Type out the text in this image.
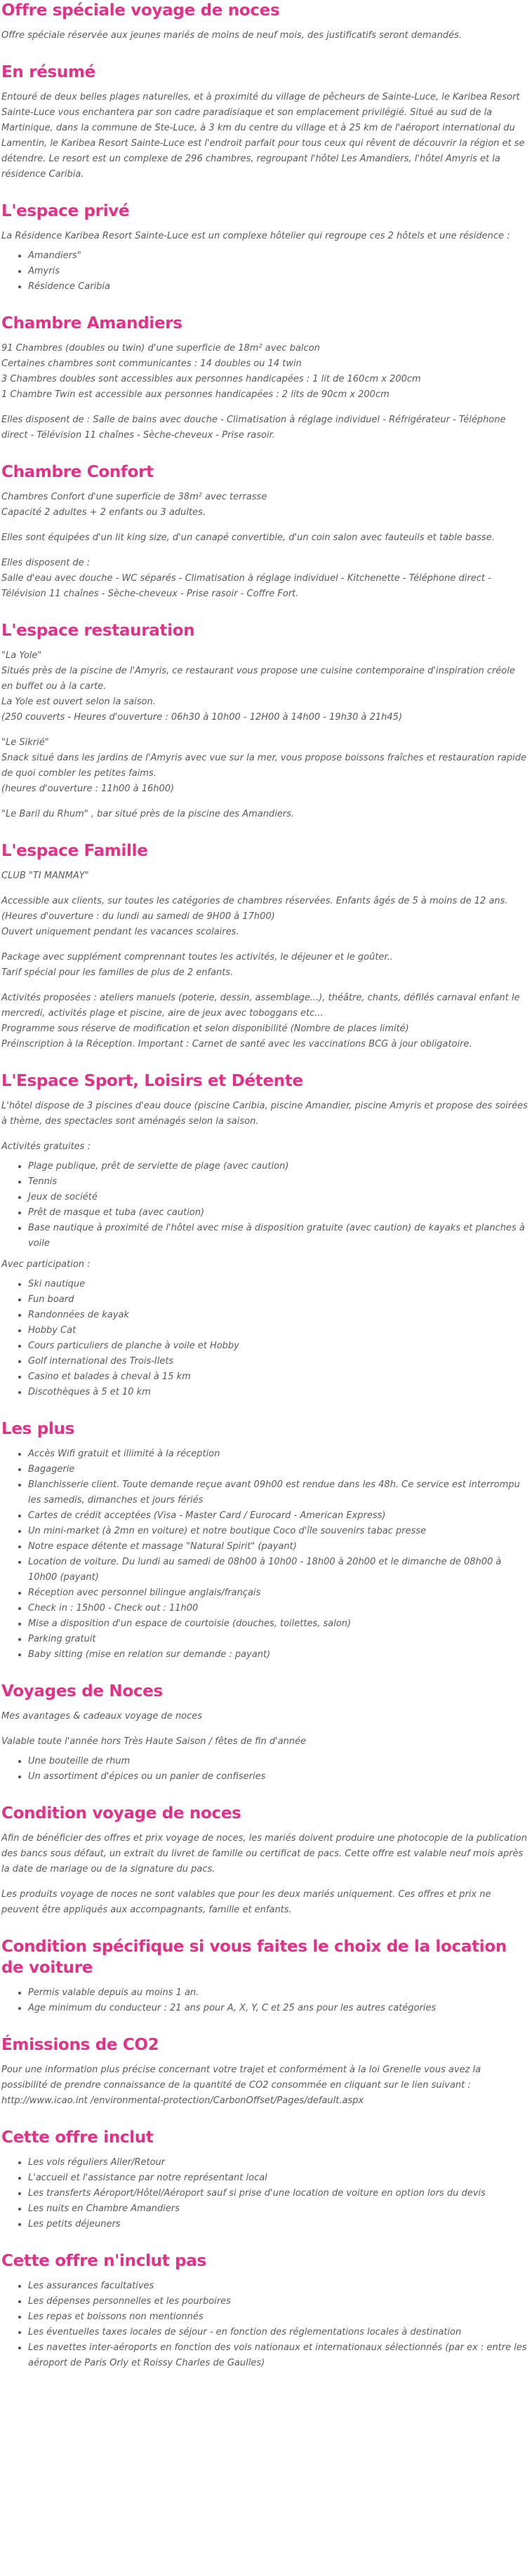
Offre spéciale voyage de noces

Offre spéciale réservée aux jeunes mariés de moins de neuf mois, des justificatifs seront demandés.

En résumé

Entouré de deux belles plages naturelles, et à proximité du village de pêcheurs de Sainte-Luce, le Karibea Resort Sainte-Luce vous enchantera par son cadre paradisiaque et son emplacement privilégié. Situé au sud de la Martinique, dans la commune de Ste-Luce, à 3 km du centre du village et à 25 km de l'aéroport international du Lamentin, le Karibea Resort Sainte-Luce est l'endroit parfait pour tous ceux qui rêvent de découvrir la région et se détendre. Le resort est un complexe de 296 chambres, regroupant l'hôtel Les Amandiers, l'hôtel Amyris et la résidence Caribia.

L'espace privé

La Résidence Karibea Resort Sainte-Luce est un complexe hôtelier qui regroupe ces 2 hôtels et une résidence :

• Amandiers"
• Amyris
• Résidence Caribia
Chambre Amandiers

91 Chambres (doubles ou twin) d'une superficie de 18m² avec balcon
Certaines chambres sont communicantes : 14 doubles ou 14 twin
3 Chambres doubles sont accessibles aux personnes handicapées : 1 lit de 160cm x 200cm
1 Chambre Twin est accessible aux personnes handicapées : 2 lits de 90cm x 200cm

Elles disposent de : Salle de bains avec douche - Climatisation à réglage individuel - Réfrigérateur - Téléphone direct - Télévision 11 chaînes - Sèche-cheveux - Prise rasoir.

Chambre Confort

Chambres Confort d'une superficie de 38m² avec terrasse
Capacité 2 adultes + 2 enfants ou 3 adultes.

Elles sont équipées d'un lit king size, d'un canapé convertible, d'un coin salon avec fauteuils et table basse.

Elles disposent de :
Salle d'eau avec douche - WC séparés - Climatisation à réglage individuel - Kitchenette - Téléphone direct - Télévision 11 chaînes - Sèche-cheveux - Prise rasoir - Coffre Fort.

L'espace restauration

"La Yole"
Situés près de la piscine de l'Amyris, ce restaurant vous propose une cuisine contemporaine d'inspiration créole en buffet ou à la carte.
La Yole est ouvert selon la saison.
(250 couverts - Heures d'ouverture : 06h30 à 10h00 - 12H00 à 14h00 - 19h30 à 21h45)

"Le Sikrié"
Snack situé dans les jardins de l'Amyris avec vue sur la mer, vous propose boissons fraîches et restauration rapide de quoi combler les petites faims.
(heures d'ouverture : 11h00 à 16h00)

"Le Baril du Rhum" , bar situé près de la piscine des Amandiers.

L'espace Famille

CLUB "TI MANMAY"

Accessible aux clients, sur toutes les catégories de chambres réservées. Enfants âgés de 5 à moins de 12 ans.
(Heures d'ouverture : du lundi au samedi de 9H00 à 17h00)
Ouvert uniquement pendant les vacances scolaires.

Package avec supplément comprennant toutes les activités, le déjeuner et le goûter..
Tarif spécial pour les familles de plus de 2 enfants.

Activités proposées : ateliers manuels (poterie, dessin, assemblage...), théâtre, chants, défilés carnaval enfant le mercredi, activités plage et piscine, aire de jeux avec toboggans etc...
Programme sous réserve de modification et selon disponibilité (Nombre de places limité)
Préinscription à la Réception. Important : Carnet de santé avec les vaccinations BCG à jour obligatoire.

L'Espace Sport, Loisirs et Détente

L'hôtel dispose de 3 piscines d'eau douce (piscine Caribia, piscine Amandier, piscine Amyris et propose des soirées à thème, des spectacles sont aménagés selon la saison.

Activités gratuites :

• Plage publique, prêt de serviette de plage (avec caution)
• Tennis
• Jeux de société
• Prêt de masque et tuba (avec caution)
• Base nautique à proximité de l'hôtel avec mise à disposition gratuite (avec caution) de kayaks et planches à voile

Avec participation :

• Ski nautique
• Fun board
• Randonnées de kayak
• Hobby Cat
• Cours particuliers de planche à voile et Hobby
• Golf international des Trois-Ilets
• Casino et balades à cheval à 15 km
• Discothèques à 5 et 10 km
Les plus
• Accès Wifi gratuit et illimité à la réception
• Bagagerie
• Blanchisserie client. Toute demande reçue avant 09h00 est rendue dans les 48h. Ce service est interrompu les samedis, dimanches et jours fériés
• Cartes de crédit acceptées (Visa - Master Card / Eurocard - American Express)
• Un mini-market (à 2mn en voiture) et notre boutique Coco d'île souvenirs tabac presse
• Notre espace détente et massage "Natural Spirit" (payant)
• Location de voiture. Du lundi au samedi de 08h00 à 10h00 - 18h00 à 20h00 et le dimanche de 08h00 à 10h00 (payant)
• Réception avec personnel bilingue anglais/français
• Check in : 15h00 - Check out : 11h00
• Mise a disposition d'un espace de courtoisie (douches, toilettes, salon)
• Parking gratuit
• Baby sitting (mise en relation sur demande : payant)
Voyages de Noces

Mes avantages & cadeaux voyage de noces

Valable toute l'année hors Très Haute Saison / fêtes de fin d'année

• Une bouteille de rhum
• Un assortiment d'épices ou un panier de confiseries
Condition voyage de noces

Afin de bénéficier des offres et prix voyage de noces, les mariés doivent produire une photocopie de la publication des bancs sous défaut, un extrait du livret de famille ou certificat de pacs. Cette offre est valable neuf mois après la date de mariage ou de la signature du pacs.

Les produits voyage de noces ne sont valables que pour les deux mariés uniquement. Ces offres et prix ne peuvent être appliqués aux accompagnants, famille et enfants.

Condition spécifique si vous faites le choix de la location de voiture
• Permis valable depuis au moins 1 an.
• Age minimum du conducteur : 21 ans pour A, X, Y, C et 25 ans pour les autres catégories
Émissions de CO2

Pour une information plus précise concernant votre trajet et conformément à la loi Grenelle vous avez la possibilité de prendre connaissance de la quantité de CO2 consommée en cliquant sur le lien suivant : http://www.icao.int /environmental-protection/CarbonOffset/Pages/default.aspx

Cette offre inclut
• Les vols réguliers Aller/Retour
• L'accueil et l'assistance par notre représentant local
• Les transferts Aéroport/Hôtel/Aéroport sauf si prise d'une location de voiture en option lors du devis
• Les nuits en Chambre Amandiers
• Les petits déjeuners
Cette offre n'inclut pas
• Les assurances facultatives
• Les dépenses personnelles et les pourboires
• Les repas et boissons non mentionnés
• Les éventuelles taxes locales de séjour - en fonction des réglementations locales à destination
• Les navettes inter-aéroports en fonction des vols nationaux et internationaux sélectionnés (par ex : entre les aéroport de Paris Orly et Roissy Charles de Gaulles)
